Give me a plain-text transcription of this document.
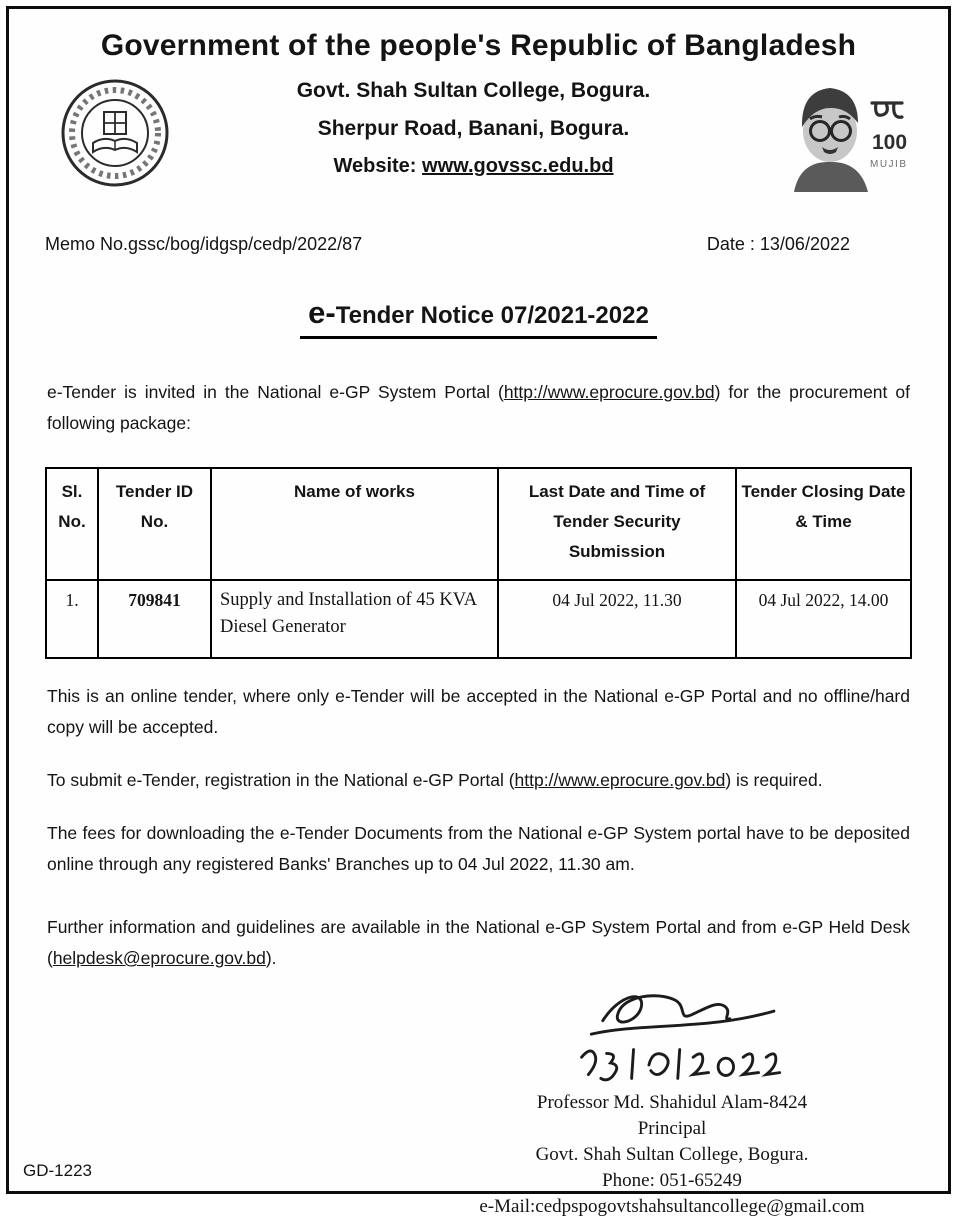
Government of the people's Republic of Bangladesh
Govt. Shah Sultan College, Bogura.
Sherpur Road, Banani, Bogura.
Website: www.govssc.edu.bd
100
MUJIB
Memo No.gssc/bog/idgsp/cedp/2022/87	Date : 13/06/2022
e-Tender Notice 07/2021-2022

e-Tender is invited in the National e-GP System Portal (http://www.eprocure.gov.bd) for the procurement of following package:

Sl. No.	Tender ID No.	Name of works	Last Date and Time of Tender Security Submission	Tender Closing Date & Time
1.	709841	Supply and Installation of 45 KVA Diesel Generator	04 Jul 2022, 11.30	04 Jul 2022, 14.00

This is an online tender, where only e-Tender will be accepted in the National e-GP Portal and no offline/hard copy will be accepted.

To submit e-Tender, registration in the National e-GP Portal (http://www.eprocure.gov.bd) is required.

The fees for downloading the e-Tender Documents from the National e-GP System portal have to be deposited online through any registered Banks' Branches up to 04 Jul 2022, 11.30 am.

Further information and guidelines are available in the National e-GP System Portal and from e-GP Held Desk (helpdesk@eprocure.gov.bd).

Professor Md. Shahidul Alam-8424
Principal
Govt. Shah Sultan College, Bogura.
Phone: 051-65249
e-Mail:cedpspogovtshahsultancollege@gmail.com
GD-1223
